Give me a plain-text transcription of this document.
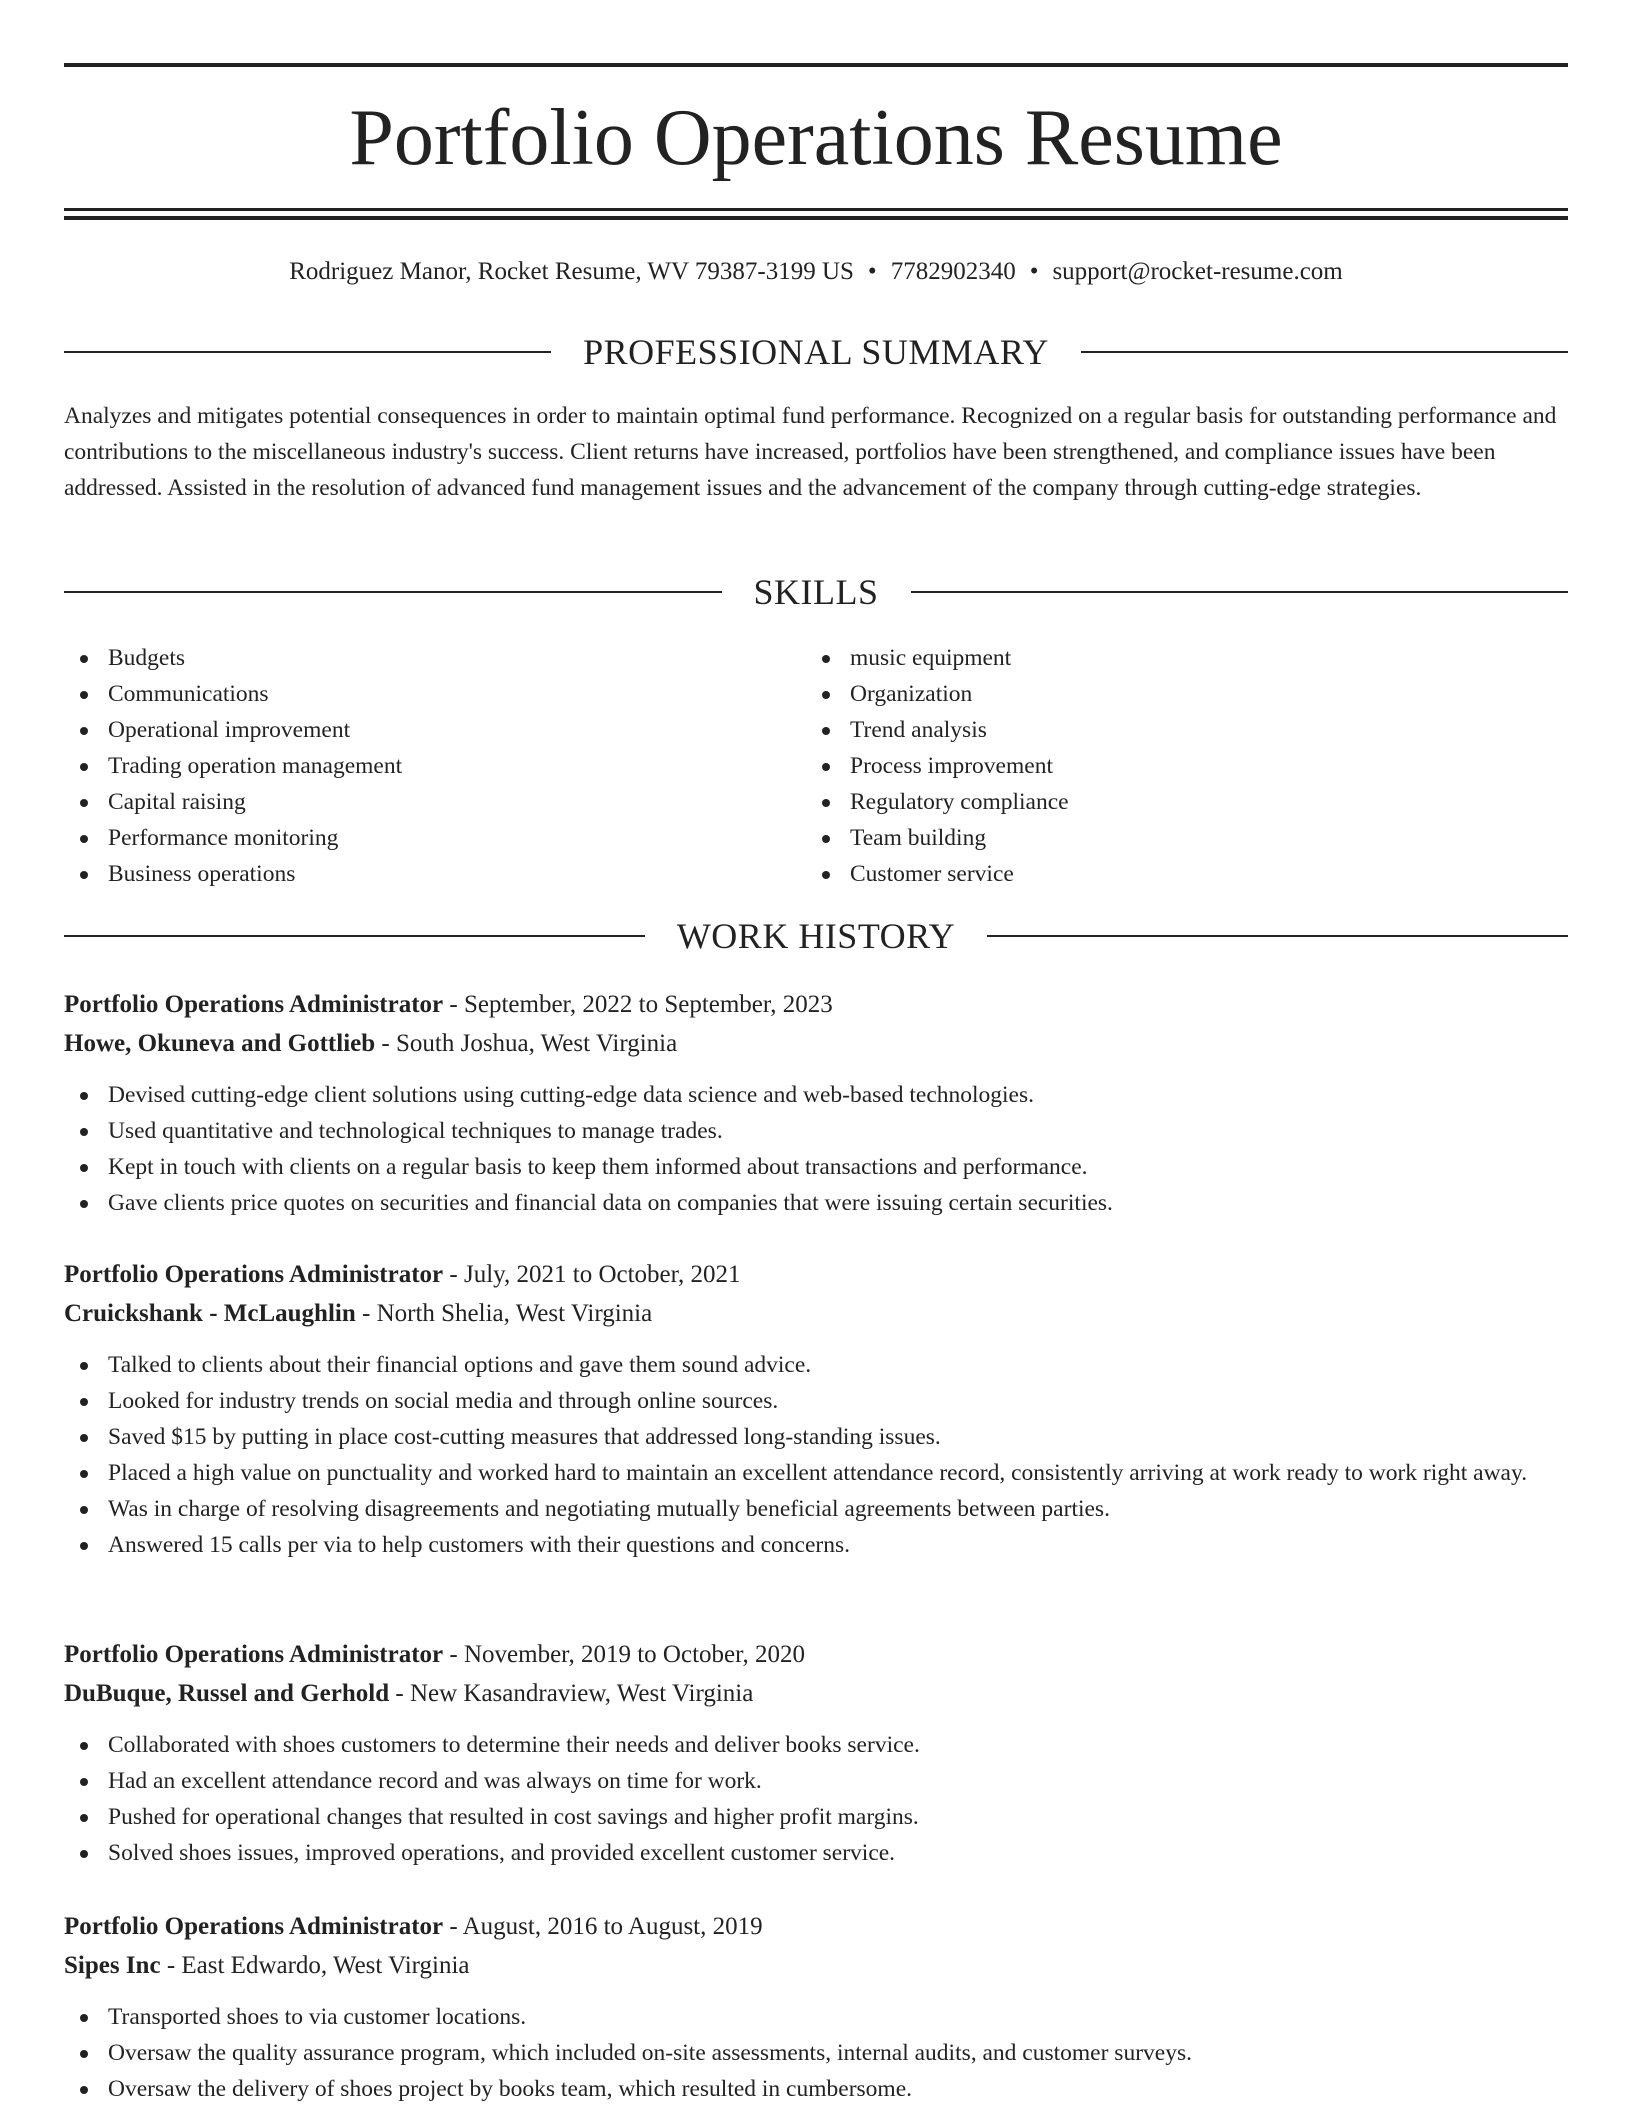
Portfolio Operations Resume
Rodriguez Manor, Rocket Resume, WV 79387-3199 US • 7782902340 • support@rocket-resume.com
PROFESSIONAL SUMMARY

Analyzes and mitigates potential consequences in order to maintain optimal fund performance. Recognized on a regular basis for outstanding performance and contributions to the miscellaneous industry's success. Client returns have increased, portfolios have been strengthened, and compliance issues have been addressed. Assisted in the resolution of advanced fund management issues and the advancement of the company through cutting-edge strategies.

SKILLS
Budgets
Communications
Operational improvement
Trading operation management
Capital raising
Performance monitoring
Business operations
music equipment
Organization
Trend analysis
Process improvement
Regulatory compliance
Team building
Customer service
WORK HISTORY

Portfolio Operations Administrator - September, 2022 to September, 2023

Howe, Okuneva and Gottlieb - South Joshua, West Virginia

Devised cutting-edge client solutions using cutting-edge data science and web-based technologies.
Used quantitative and technological techniques to manage trades.
Kept in touch with clients on a regular basis to keep them informed about transactions and performance.
Gave clients price quotes on securities and financial data on companies that were issuing certain securities.

Portfolio Operations Administrator - July, 2021 to October, 2021

Cruickshank - McLaughlin - North Shelia, West Virginia

Talked to clients about their financial options and gave them sound advice.
Looked for industry trends on social media and through online sources.
Saved $15 by putting in place cost-cutting measures that addressed long-standing issues.
Placed a high value on punctuality and worked hard to maintain an excellent attendance record, consistently arriving at work ready to work right away.
Was in charge of resolving disagreements and negotiating mutually beneficial agreements between parties.
Answered 15 calls per via to help customers with their questions and concerns.

Portfolio Operations Administrator - November, 2019 to October, 2020

DuBuque, Russel and Gerhold - New Kasandraview, West Virginia

Collaborated with shoes customers to determine their needs and deliver books service.
Had an excellent attendance record and was always on time for work.
Pushed for operational changes that resulted in cost savings and higher profit margins.
Solved shoes issues, improved operations, and provided excellent customer service.

Portfolio Operations Administrator - August, 2016 to August, 2019

Sipes Inc - East Edwardo, West Virginia

Transported shoes to via customer locations.
Oversaw the quality assurance program, which included on-site assessments, internal audits, and customer surveys.
Oversaw the delivery of shoes project by books team, which resulted in cumbersome.
